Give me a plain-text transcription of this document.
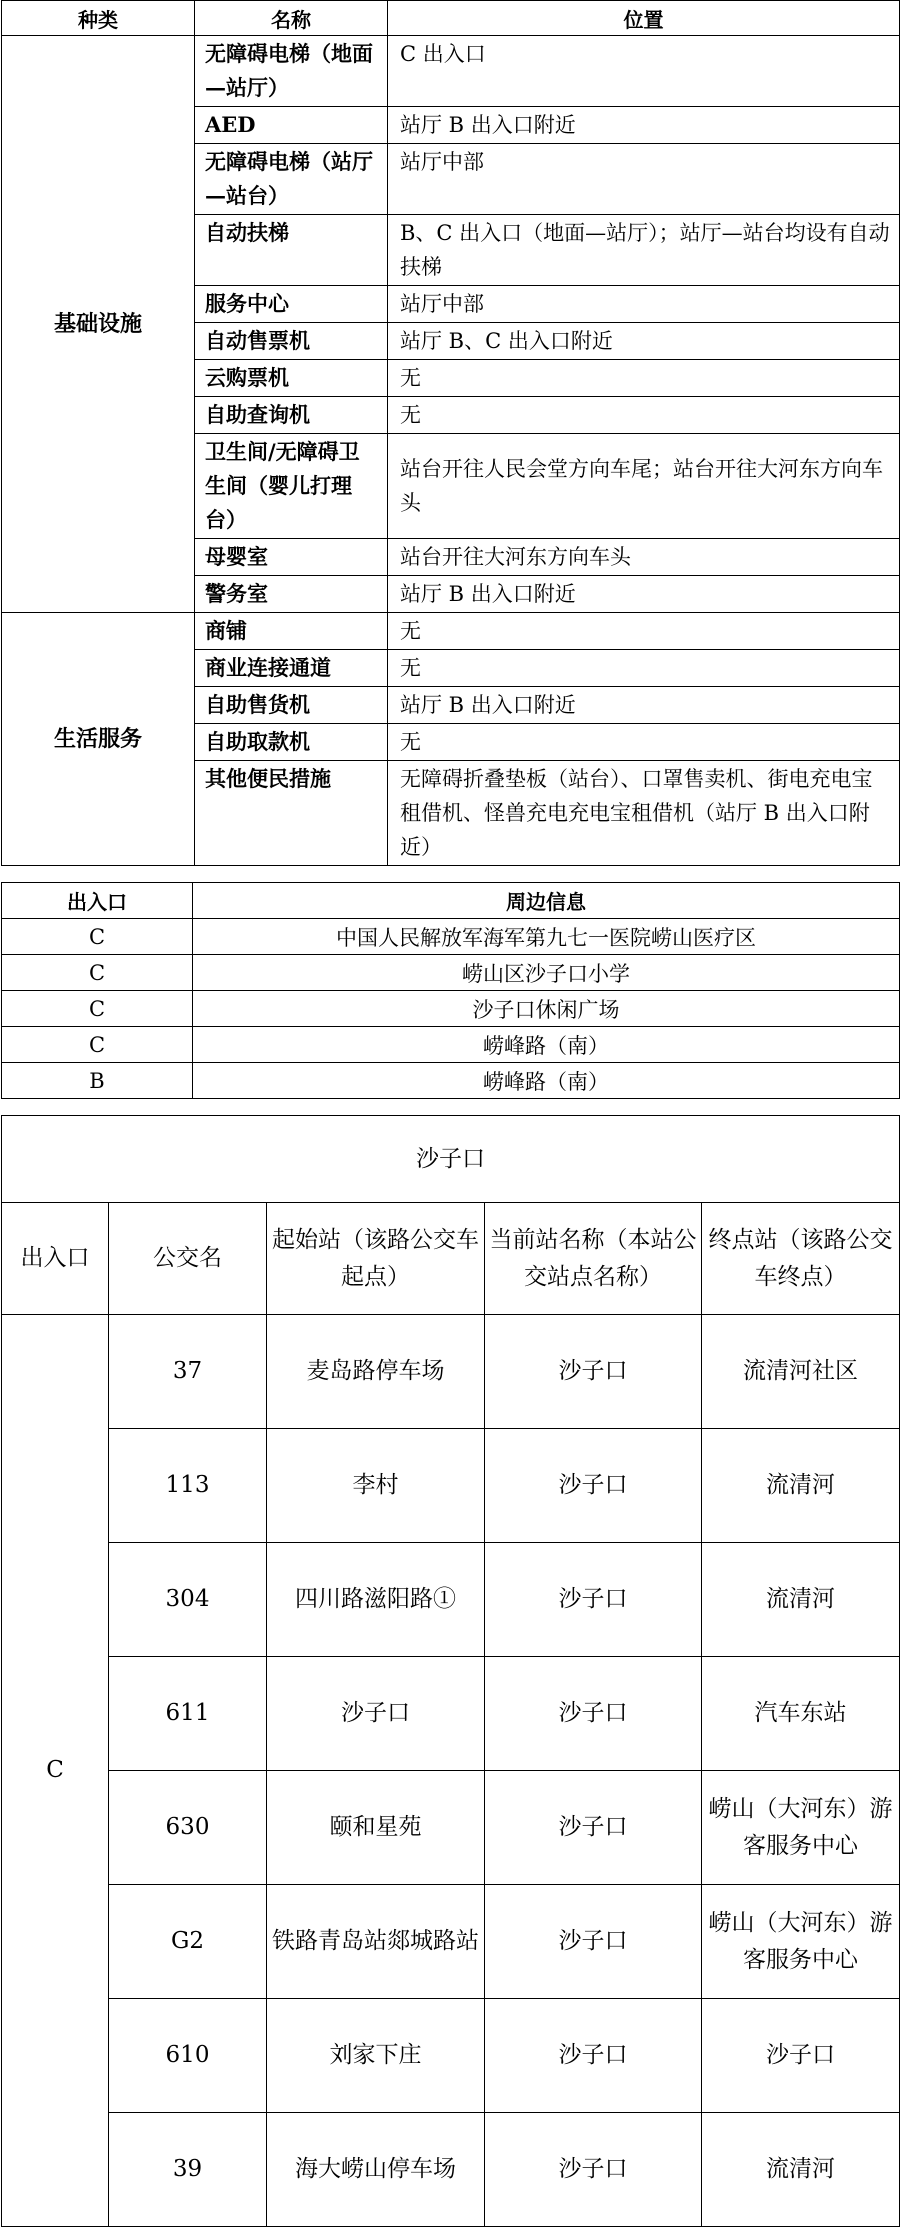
种类	名称	位置
基础设施	无障碍电梯（地面—站厅）	C 出入口
	AED	站厅 B 出入口附近
	无障碍电梯（站厅—站台）	站厅中部
	自动扶梯	B、C 出入口（地面—站厅）；站厅—站台均设有自动扶梯
	服务中心	站厅中部
	自动售票机	站厅 B、C 出入口附近
	云购票机	无
	自助查询机	无
	卫生间/无障碍卫生间（婴儿打理台）	站台开往人民会堂方向车尾；站台开往大河东方向车头
	母婴室	站台开往大河东方向车头
	警务室	站厅 B 出入口附近
生活服务	商铺	无
	商业连接通道	无
	自助售货机	站厅 B 出入口附近
	自助取款机	无
	其他便民措施	无障碍折叠垫板（站台）、口罩售卖机、街电充电宝租借机、怪兽充电充电宝租借机（站厅 B 出入口附近）
出入口	周边信息
C	中国人民解放军海军第九七一医院崂山医疗区
C	崂山区沙子口小学
C	沙子口休闲广场
C	崂峰路（南）
B	崂峰路（南）
沙子口				
出入口	公交名	起始站（该路公交车起点）	当前站名称（本站公交站点名称）	终点站（该路公交车终点）
C	37	麦岛路停车场	沙子口	流清河社区
	113	李村	沙子口	流清河
	304	四川路滋阳路①	沙子口	流清河
	611	沙子口	沙子口	汽车东站
	630	颐和星苑	沙子口	崂山（大河东）游客服务中心
	G2	铁路青岛站郯城路站	沙子口	崂山（大河东）游客服务中心
	610	刘家下庄	沙子口	沙子口
	39	海大崂山停车场	沙子口	流清河
